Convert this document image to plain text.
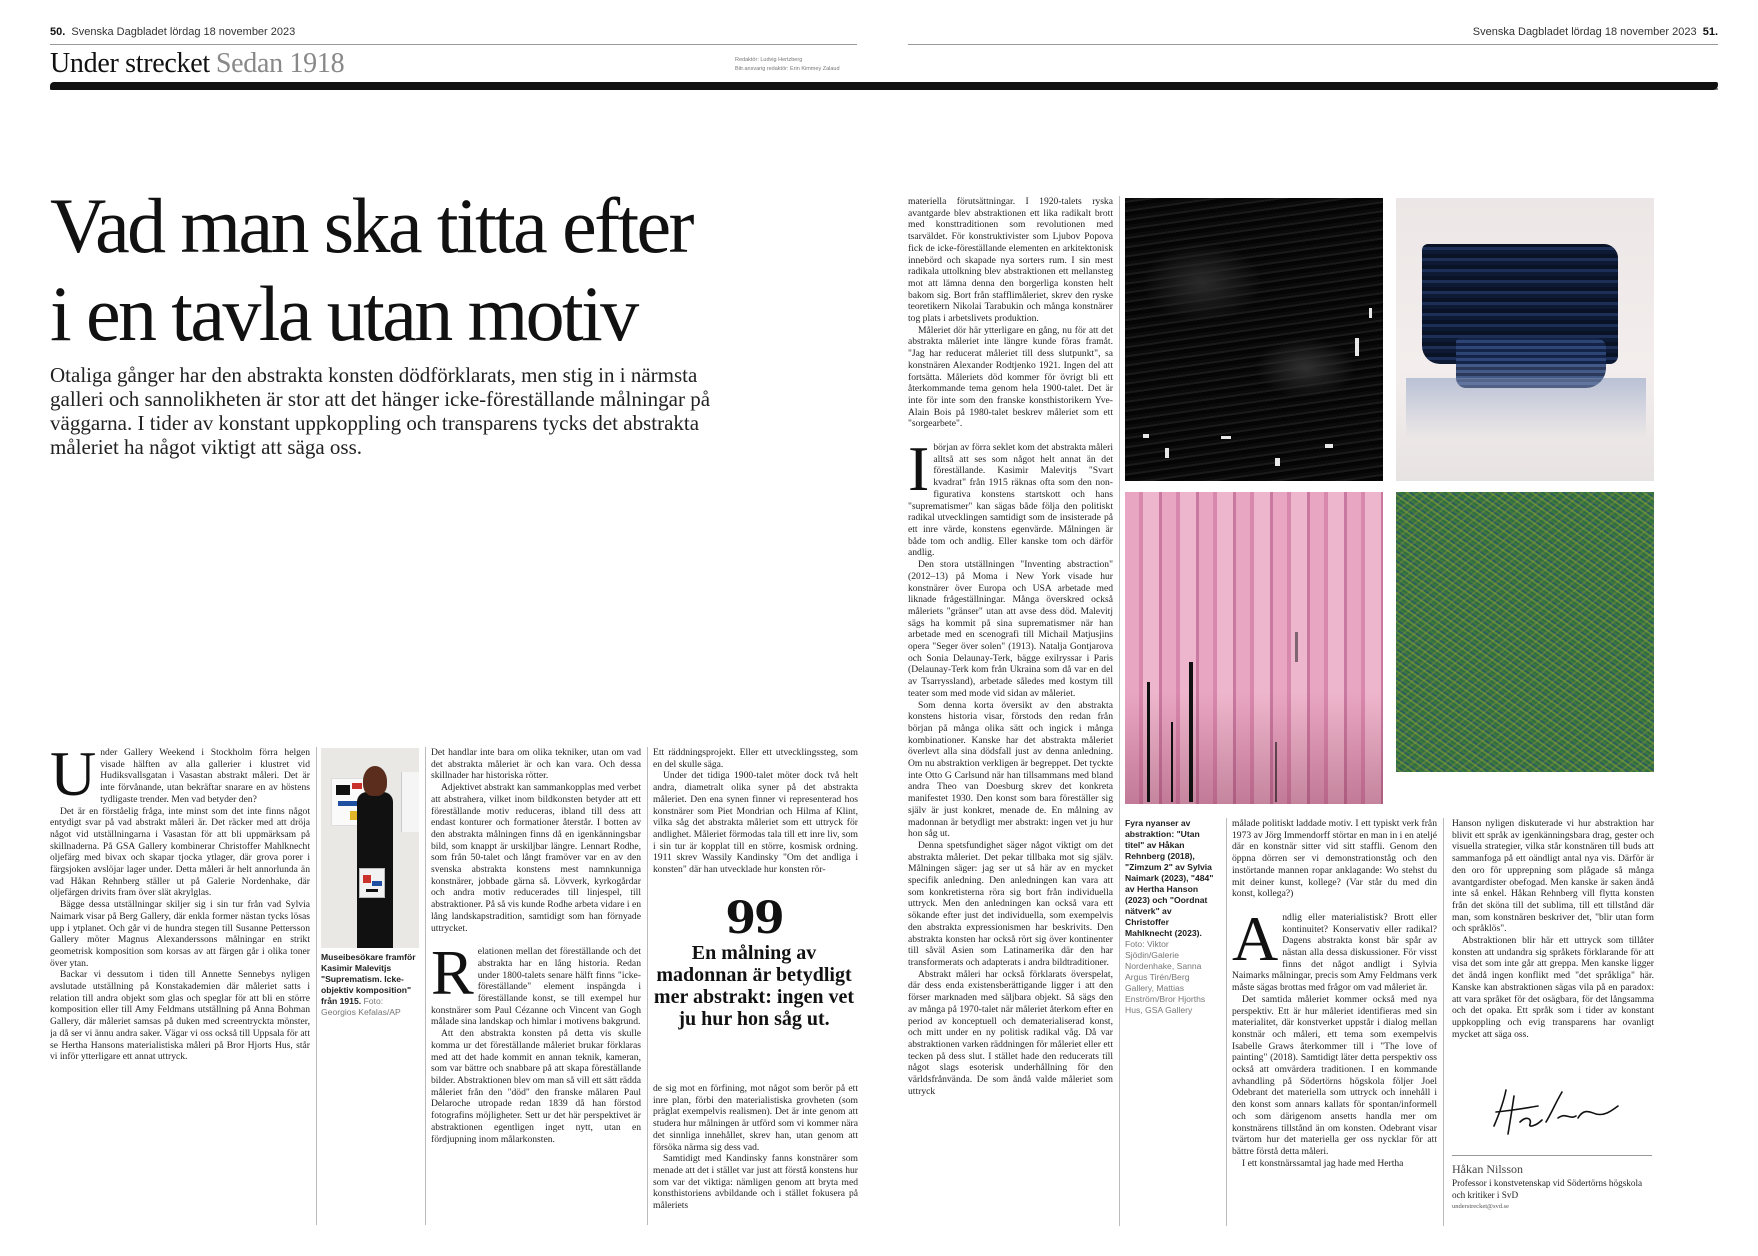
50. Svenska Dagbladet lördag 18 november 2023	Svenska Dagbladet lördag 18 november 2023 51.
Under strecket Sedan 1918	Redaktör: Ludvig Hertzberg
Bitr.ansvarig redaktör: Erin Kimmey Zalaud
Vad man ska titta efter
i en tavla utan motiv

Otaliga gånger har den abstrakta konsten dödförklarats, men stig in i närmsta galleri och sannolikheten är stor att det hänger icke-föreställande målningar på väggarna. I tider av konstant uppkoppling och transparens tycks det abstrakta måleriet ha något viktigt att säga oss.

Under Gallery Weekend i Stockholm förra helgen visade hälften av alla gallerier i klustret vid Hudiksvallsgatan i Vasastan abstrakt måleri. Det är inte förvånande, utan bekräftar snarare en av höstens tydligaste trender. Men vad betyder den?

Det är en förståelig fråga, inte minst som det inte finns något entydigt svar på vad abstrakt måleri är. Det räcker med att dröja något vid utställningarna i Vasastan för att bli uppmärksam på skillnaderna. På GSA Gallery kombinerar Christoffer Mahlknecht oljefärg med bivax och skapar tjocka ytlager, där grova porer i färgsjoken avslöjar lager under. Detta måleri är helt annorlunda än vad Håkan Rehnberg ställer ut på Galerie Nordenhake, där oljefärgen drivits fram över slät akrylglas.

Bägge dessa utställningar skiljer sig i sin tur från vad Sylvia Naimark visar på Berg Gallery, där enkla former nästan tycks lösas upp i ytplanet. Och går vi de hundra stegen till Susanne Pettersson Gallery möter Magnus Alexanderssons målningar en strikt geometrisk komposition som korsas av att färgen går i olika toner över ytan.

Backar vi dessutom i tiden till Annette Sennebys nyligen avslutade utställning på Konstakademien där måleriet satts i relation till andra objekt som glas och speglar för att bli en större komposition eller till Amy Feldmans utställning på Anna Bohman Gallery, där måleriet samsas på duken med screentryckta mönster, ja då ser vi ännu andra saker. Vägar vi oss också till Uppsala för att se Hertha Hansons materialistiska måleri på Bror Hjorts Hus, står vi inför ytterligare ett annat uttryck.

Museibesökare framför Kasimir Malevitjs "Suprematism. Icke-objektiv komposition" från 1915. Foto: Georgios Kefalas/AP

Det handlar inte bara om olika tekniker, utan om vad det abstrakta måleriet är och kan vara. Och dessa skillnader har historiska rötter.

Adjektivet abstrakt kan sammankopplas med verbet att abstrahera, vilket inom bildkonsten betyder att ett föreställande motiv reduceras, ibland till dess att endast konturer och formationer återstår. I botten av den abstrakta målningen finns då en igenkänningsbar bild, som knappt är urskiljbar längre. Lennart Rodhe, som från 50-talet och långt framöver var en av den svenska abstrakta konstens mest namnkunniga konstnärer, jobbade gärna så. Lövverk, kyrkogårdar och andra motiv reducerades till linjespel, till abstraktioner. På så vis kunde Rodhe arbeta vidare i en lång landskapstradition, samtidigt som han förnyade uttrycket.

Relationen mellan det föreställande och det abstrakta har en lång historia. Redan under 1800-talets senare hälft finns "icke-föreställande" element inspängda i föreställande konst, se till exempel hur konstnärer som Paul Cézanne och Vincent van Gogh målade sina landskap och himlar i motivens bakgrund.

Att den abstrakta konsten på detta vis skulle komma ur det föreställande måleriet brukar förklaras med att det hade kommit en annan teknik, kameran, som var bättre och snabbare på att skapa föreställande bilder. Abstraktionen blev om man så vill ett sätt rädda måleriet från den "död" den franske målaren Paul Delaroche utropade redan 1839 då han förstod fotografins möjligheter. Sett ur det här perspektivet är abstraktionen egentligen inget nytt, utan en fördjupning inom målarkonsten.

Ett räddningsprojekt. Eller ett utvecklingssteg, som en del skulle säga.

Under det tidiga 1900-talet möter dock två helt andra, diametralt olika syner på det abstrakta måleriet. Den ena synen finner vi representerad hos konstnärer som Piet Mondrian och Hilma af Klint, vilka såg det abstrakta måleriet som ett uttryck för andlighet. Måleriet förmodas tala till ett inre liv, som i sin tur är kopplat till en större, kosmisk ordning. 1911 skrev Wassily Kandinsky "Om det andliga i konsten" där han utvecklade hur konsten rör-

99
En målning av madonnan är betydligt mer abstrakt: ingen vet ju hur hon såg ut.

de sig mot en förfining, mot något som berör på ett inre plan, förbi den materialistiska grovheten (som präglat exempelvis realismen). Det är inte genom att studera hur målningen är utförd som vi kommer nära det sinnliga innehållet, skrev han, utan genom att försöka närma sig dess vad.

Samtidigt med Kandinsky fanns konstnärer som menade att det i stället var just att förstå konstens hur som var det viktiga: nämligen genom att bryta med konsthistoriens avbildande och i stället fokusera på måleriets

materiella förutsättningar. I 1920-talets ryska avantgarde blev abstraktionen ett lika radikalt brott med konsttraditionen som revolutionen med tsarväldet. För konstruktivister som Ljubov Popova fick de icke-föreställande elementen en arkitektonisk innebörd och skapade nya sorters rum. I sin mest radikala uttolkning blev abstraktionen ett mellansteg mot att lämna denna den borgerliga konsten helt bakom sig. Bort från stafflimåleriet, skrev den ryske teoretikern Nikolai Tarabukin och många konstnärer tog plats i arbetslivets produktion.

Måleriet dör här ytterligare en gång, nu för att det abstrakta måleriet inte längre kunde föras framåt. "Jag har reducerat måleriet till dess slutpunkt", sa konstnären Alexander Rodtjenko 1921. Ingen del att fortsätta. Måleriets död kommer för övrigt bli ett återkommande tema genom hela 1900-talet. Det är inte för inte som den franske konsthistorikern Yve-Alain Bois på 1980-talet beskrev måleriet som ett "sorgearbete".

Ibörjan av förra seklet kom det abstrakta måleri alltså att ses som något helt annat än det föreställande. Kasimir Malevitjs "Svart kvadrat" från 1915 räknas ofta som den non-figurativa konstens startskott och hans "suprematismer" kan sägas både följa den politiskt radikal utvecklingen samtidigt som de insisterade på ett inre värde, konstens egenvärde. Målningen är både tom och andlig. Eller kanske tom och därför andlig.

Den stora utställningen "Inventing abstraction" (2012–13) på Moma i New York visade hur konstnärer över Europa och USA arbetade med liknade frågeställningar. Många överskred också måleriets "gränser" utan att avse dess död. Malevitj sägs ha kommit på sina suprematismer när han arbetade med en scenografi till Michail Matjusjins opera "Seger över solen" (1913). Natalja Gontjarova och Sonia Delaunay-Terk, bägge exilryssar i Paris (Delaunay-Terk kom från Ukraina som då var en del av Tsarryssland), arbetade således med kostym till teater som med mode vid sidan av måleriet.

Som denna korta översikt av den abstrakta konstens historia visar, förstods den redan från början på många olika sätt och ingick i många kombinationer. Kanske har det abstrakta måleriet överlevt alla sina dödsfall just av denna anledning. Om nu abstraktion verkligen är begreppet. Det tyckte inte Otto G Carlsund när han tillsammans med bland andra Theo van Doesburg skrev det konkreta manifestet 1930. Den konst som bara föreställer sig själv är just konkret, menade de. En målning av madonnan är betydligt mer abstrakt: ingen vet ju hur hon såg ut.

Denna spetsfundighet säger något viktigt om det abstrakta måleriet. Det pekar tillbaka mot sig själv. Målningen säger: jag ser ut så här av en mycket specifik anledning. Den anledningen kan vara att som konkretisterna röra sig bort från individuella uttryck. Men den anledningen kan också vara ett sökande efter just det individuella, som exempelvis den abstrakta expressionismen har beskrivits. Den abstrakta konsten har också rört sig över kontinenter till såväl Asien som Latinamerika där den har transformerats och adapterats i andra bildtraditioner.

Abstrakt måleri har också förklarats överspelat, där dess enda existensberättigande ligger i att den förser marknaden med säljbara objekt. Så sägs den av många på 1970-talet när måleriet återkom efter en period av konceptuell och dematerialiserad konst, och mitt under en ny politisk radikal våg. Då var abstraktionen varken räddningen för måleriet eller ett tecken på dess slut. I stället hade den reducerats till något slags esoterisk underhållning för den världsfrånvända. De som ändå valde måleriet som uttryck

Fyra nyanser av abstraktion: "Utan titel" av Håkan Rehnberg (2018), "Zimzum 2" av Sylvia Naimark (2023), "484" av Hertha Hanson (2023) och "Oordnat nätverk" av Christoffer Mahlknecht (2023). Foto: Viktor Sjödin/Galerie Nordenhake, Sanna Argus Tirén/Berg Gallery, Mattias Enström/Bror Hjorths Hus, GSA Gallery

målade politiskt laddade motiv. I ett typiskt verk från 1973 av Jörg Immendorff störtar en man in i en ateljé där en konstnär sitter vid sitt staffli. Genom den öppna dörren ser vi demonstrationståg och den instörtande mannen ropar anklagande: Wo stehst du mit deiner kunst, kollege? (Var står du med din konst, kollega?)

Andlig eller materialistisk? Brott eller kontinuitet? Konservativ eller radikal? Dagens abstrakta konst bär spår av nästan alla dessa diskussioner. För visst finns det något andligt i Sylvia Naimarks målningar, precis som Amy Feldmans verk måste sägas brottas med frågor om vad måleriet är.

Det samtida måleriet kommer också med nya perspektiv. Ett är hur måleriet identifieras med sin materialitet, där konstverket uppstår i dialog mellan konstnär och måleri, ett tema som exempelvis Isabelle Graws återkommer till i "The love of painting" (2018). Samtidigt läter detta perspektiv oss också att omvärdera traditionen. I en kommande avhandling på Södertörns högskola följer Joel Odebrant det materiella som uttryck och innehåll i den konst som annars kallats för spontan/informell och som därigenom ansetts handla mer om konstnärens tillstånd än om konsten. Odebrant visar tvärtom hur det materiella ger oss nycklar för att bättre förstå detta måleri.

I ett konstnärssamtal jag hade med Hertha

Hanson nyligen diskuterade vi hur abstraktion har blivit ett språk av igenkänningsbara drag, gester och visuella strategier, vilka står konstnären till buds att sammanfoga på ett oändligt antal nya vis. Därför är den oro för upprepning som plågade så många avantgardister obefogad. Men kanske är saken ändå inte så enkel. Håkan Rehnberg vill flytta konsten från det sköna till det sublima, till ett tillstånd där man, som konstnären beskriver det, "blir utan form och språklös".

Abstraktionen blir här ett uttryck som tillåter konsten att undandra sig språkets förklarande för att visa det som inte går att greppa. Men kanske ligger det ändå ingen konflikt med "det språkliga" här. Kanske kan abstraktionen sägas vila på en paradox: att vara språket för det osägbara, för det långsamma och det opaka. Ett språk som i tider av konstant uppkoppling och evig transparens har ovanligt mycket att säga oss.

Håkan Nilsson
Professor i konstvetenskap vid Södertörns högskola och kritiker i SvD
understrecket@svd.se
